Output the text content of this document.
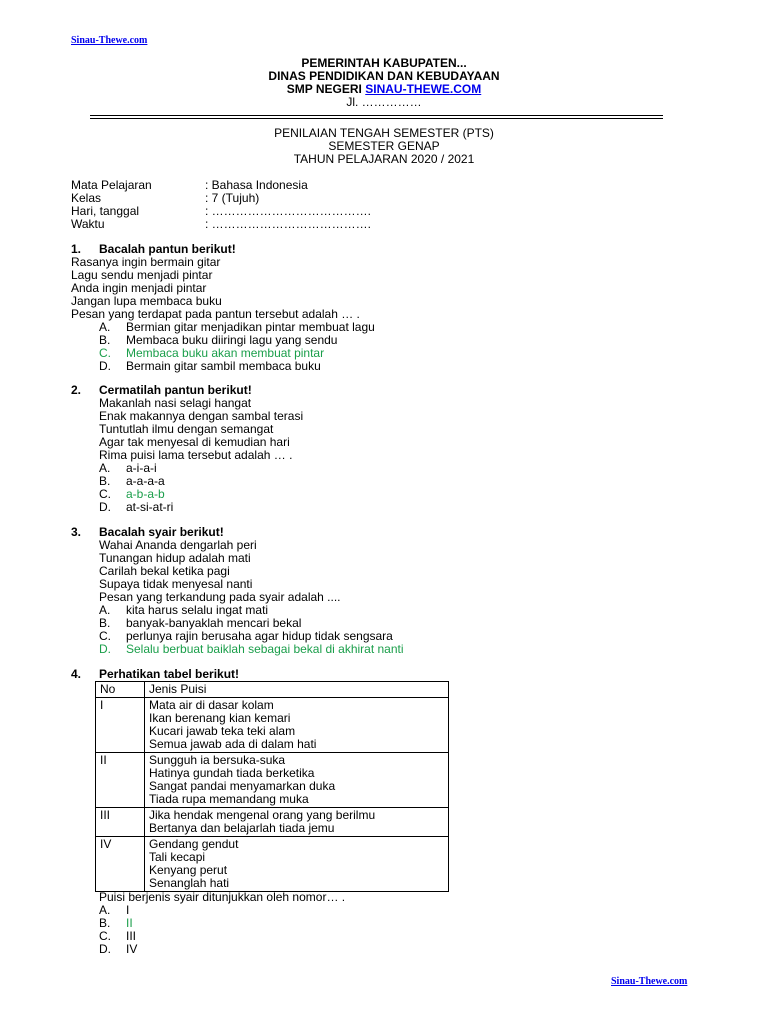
Sinau-Thewe.com
PEMERINTAH KABUPATEN...
DINAS PENDIDIKAN DAN KEBUDAYAAN
SMP NEGERI SINAU-THEWE.COM
Jl. ……………
PENILAIAN TENGAH SEMESTER (PTS)
SEMESTER GENAP
TAHUN PELAJARAN 2020 / 2021
Mata Pelajaran	: Bahasa Indonesia
Kelas	: 7 (Tujuh)
Hari, tanggal	: ………………………………….
Waktu	: ………………………………….
1. Bacalah pantun berikut!
Rasanya ingin bermain gitar
Lagu sendu menjadi pintar
Anda ingin menjadi pintar
Jangan lupa membaca buku
Pesan yang terdapat pada pantun tersebut adalah … .
A. Bermian gitar menjadikan pintar membuat lagu
B. Membaca buku diiringi lagu yang sendu
C. Membaca buku akan membuat pintar
D. Bermain gitar sambil membaca buku
2. Cermatilah pantun berikut!
Makanlah nasi selagi hangat
Enak makannya dengan sambal terasi
Tuntutlah ilmu dengan semangat
Agar tak menyesal di kemudian hari
Rima puisi lama tersebut adalah … .
A. a-i-a-i
B. a-a-a-a
C. a-b-a-b
D. at-si-at-ri
3. Bacalah syair berikut!
Wahai Ananda dengarlah peri
Tunangan hidup adalah mati
Carilah bekal ketika pagi
Supaya tidak menyesal nanti
Pesan yang terkandung pada syair adalah ....
A. kita harus selalu ingat mati
B. banyak-banyaklah mencari bekal
C. perlunya rajin berusaha agar hidup tidak sengsara
D. Selalu berbuat baiklah sebagai bekal di akhirat nanti
4. Perhatikan tabel berikut!
No	Jenis Puisi
I	Mata air di dasar kolam
Ikan berenang kian kemari
Kucari jawab teka teki alam
Semua jawab ada di dalam hati

II	Sungguh ia bersuka-suka
Hatinya gundah tiada berketika
Sangat pandai menyamarkan duka
Tiada rupa memandang muka

III	Jika hendak mengenal orang yang berilmu
Bertanya dan belajarlah tiada jemu

IV	Gendang gendut
Tali kecapi
Kenyang perut
Senanglah hati
Puisi berjenis syair ditunjukkan oleh nomor… .
A. I
B. II
C. III
D. IV
Sinau-Thewe.com
